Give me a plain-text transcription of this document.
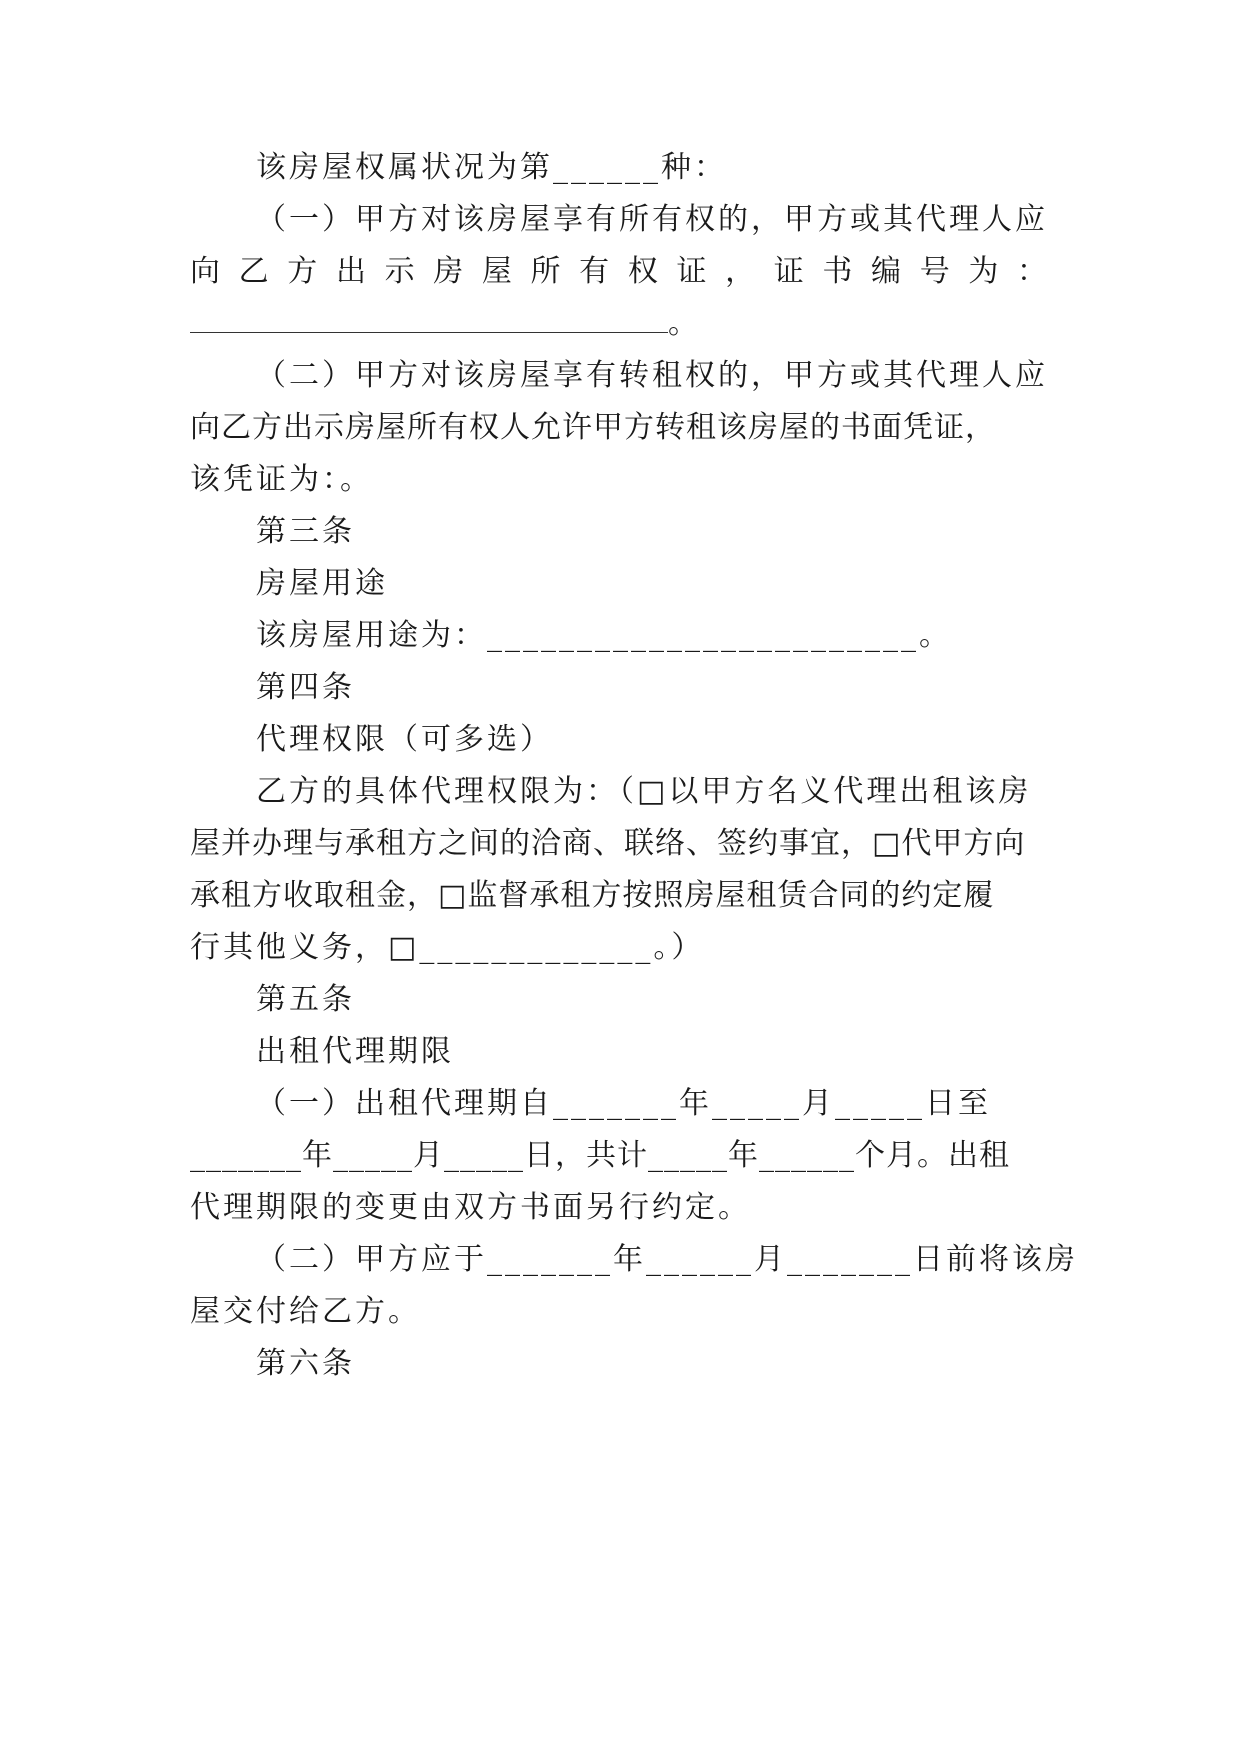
该房屋权属状况为第______种：
（一）甲方对该房屋享有所有权的，甲方或其代理人应
向乙方出示房屋所有权证，证书编号为：
。
（二）甲方对该房屋享有转租权的，甲方或其代理人应
向乙方出示房屋所有权人允许甲方转租该房屋的书面凭证，
该凭证为：。
第三条
房屋用途
该房屋用途为：________________________。
第四条
代理权限（可多选）
乙方的具体代理权限为：（□以甲方名义代理出租该房
屋并办理与承租方之间的洽商、联络、签约事宜，□代甲方向
承租方收取租金，□监督承租方按照房屋租赁合同的约定履
行其他义务，□_____________。）
第五条
出租代理期限
（一）出租代理期自_______年_____月_____日至
_______年_____月_____日，共计_____年______个月。出租
代理期限的变更由双方书面另行约定。
（二）甲方应于_______年______月_______日前将该房
屋交付给乙方。
第六条
